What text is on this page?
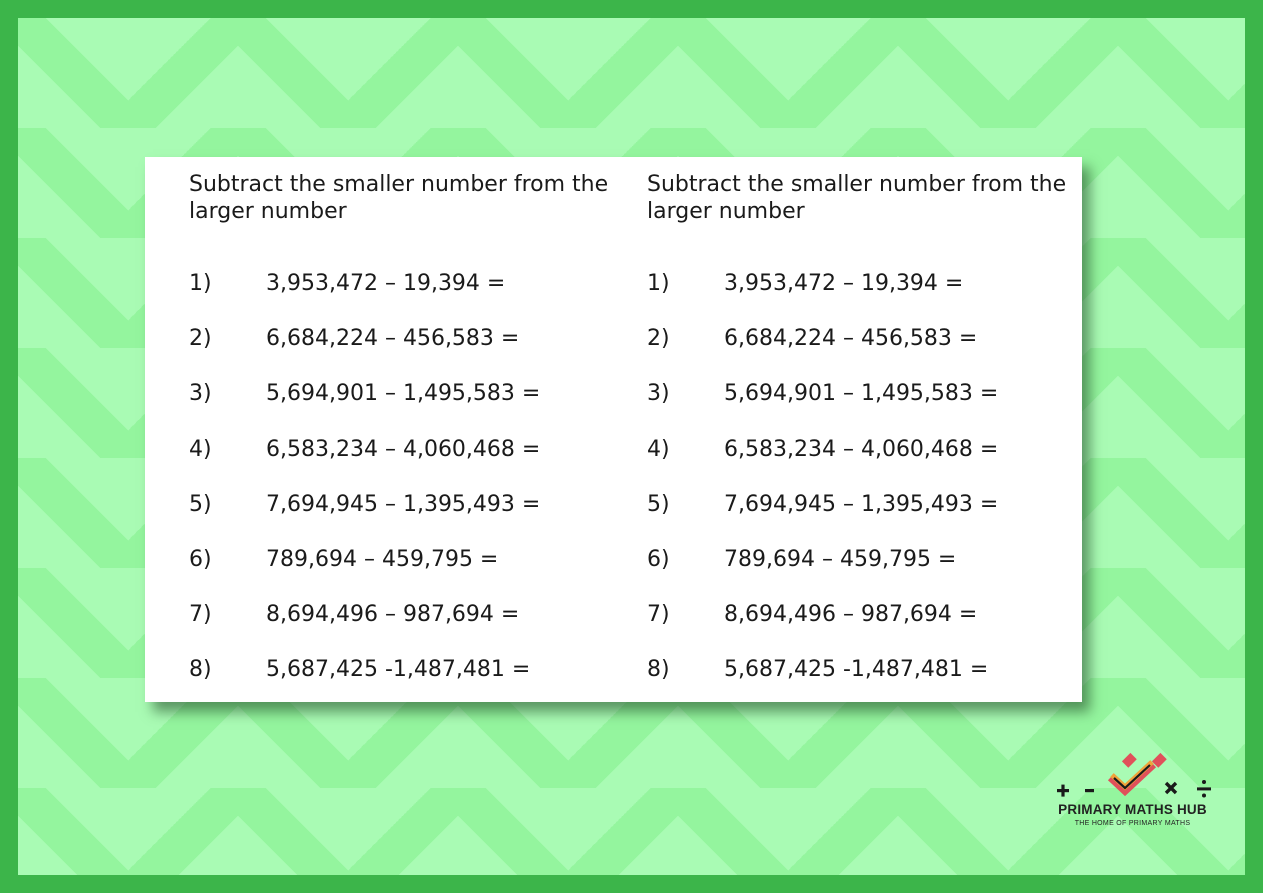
Subtract the smaller number from the larger number

1) 3,953,472 – 19,394 =
2) 6,684,224 – 456,583 =
3) 5,694,901 – 1,495,583 =
4) 6,583,234 – 4,060,468 =
5) 7,694,945 – 1,395,493 =
6) 789,694 – 459,795 =
7) 8,694,496 – 987,694 =
8) 5,687,425 -1,487,481 =

Subtract the smaller number from the larger number

1) 3,953,472 – 19,394 =
2) 6,684,224 – 456,583 =
3) 5,694,901 – 1,495,583 =
4) 6,583,234 – 4,060,468 =
5) 7,694,945 – 1,395,493 =
6) 789,694 – 459,795 =
7) 8,694,496 – 987,694 =
8) 5,687,425 -1,487,481 =
PRIMARY MATHS HUB
THE HOME OF PRIMARY MATHS
